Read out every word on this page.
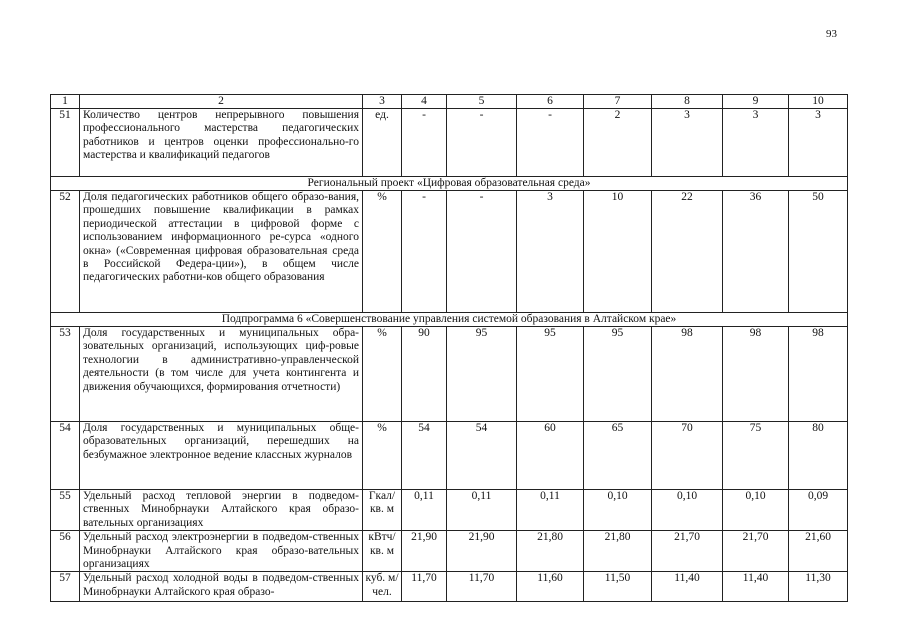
93
1	2	3	4	5	6	7	8	9	10
51	Количество центров непрерывного повышения профессионального мастерства педагогических работников и центров оценки профессионально-го мастерства и квалификаций педагогов	ед.	-	-	-	2	3	3	3
Региональный проект «Цифровая образовательная среда»									
52	Доля педагогических работников общего образо-вания, прошедших повышение квалификации в рамках периодической аттестации в цифровой форме с использованием информационного ре-сурса «одного окна» («Современная цифровая образовательная среда в Российской Федера-ции»), в общем числе педагогических работни-ков общего образования	%	-	-	3	10	22	36	50
Подпрограмма 6 «Совершенствование управления системой образования в Алтайском крае»									
53	Доля государственных и муниципальных обра-зовательных организаций, использующих циф-ровые технологии в административно-управленческой деятельности (в том числе для учета контингента и движения обучающихся, формирования отчетности)	%	90	95	95	95	98	98	98
54	Доля государственных и муниципальных обще-образовательных организаций, перешедших на безбумажное электронное ведение классных журналов	%	54	54	60	65	70	75	80
55	Удельный расход тепловой энергии в подведом-ственных Минобрнауки Алтайского края образо-вательных организациях	Гкал/ кв. м	0,11	0,11	0,11	0,10	0,10	0,10	0,09
56	Удельный расход электроэнергии в подведом-ственных Минобрнауки Алтайского края образо-вательных организациях	кВтч/ кв. м	21,90	21,90	21,80	21,80	21,70	21,70	21,60
57	Удельный расход холодной воды в подведом-ственных Минобрнауки Алтайского края образо-	куб. м/ чел.	11,70	11,70	11,60	11,50	11,40	11,40	11,30
